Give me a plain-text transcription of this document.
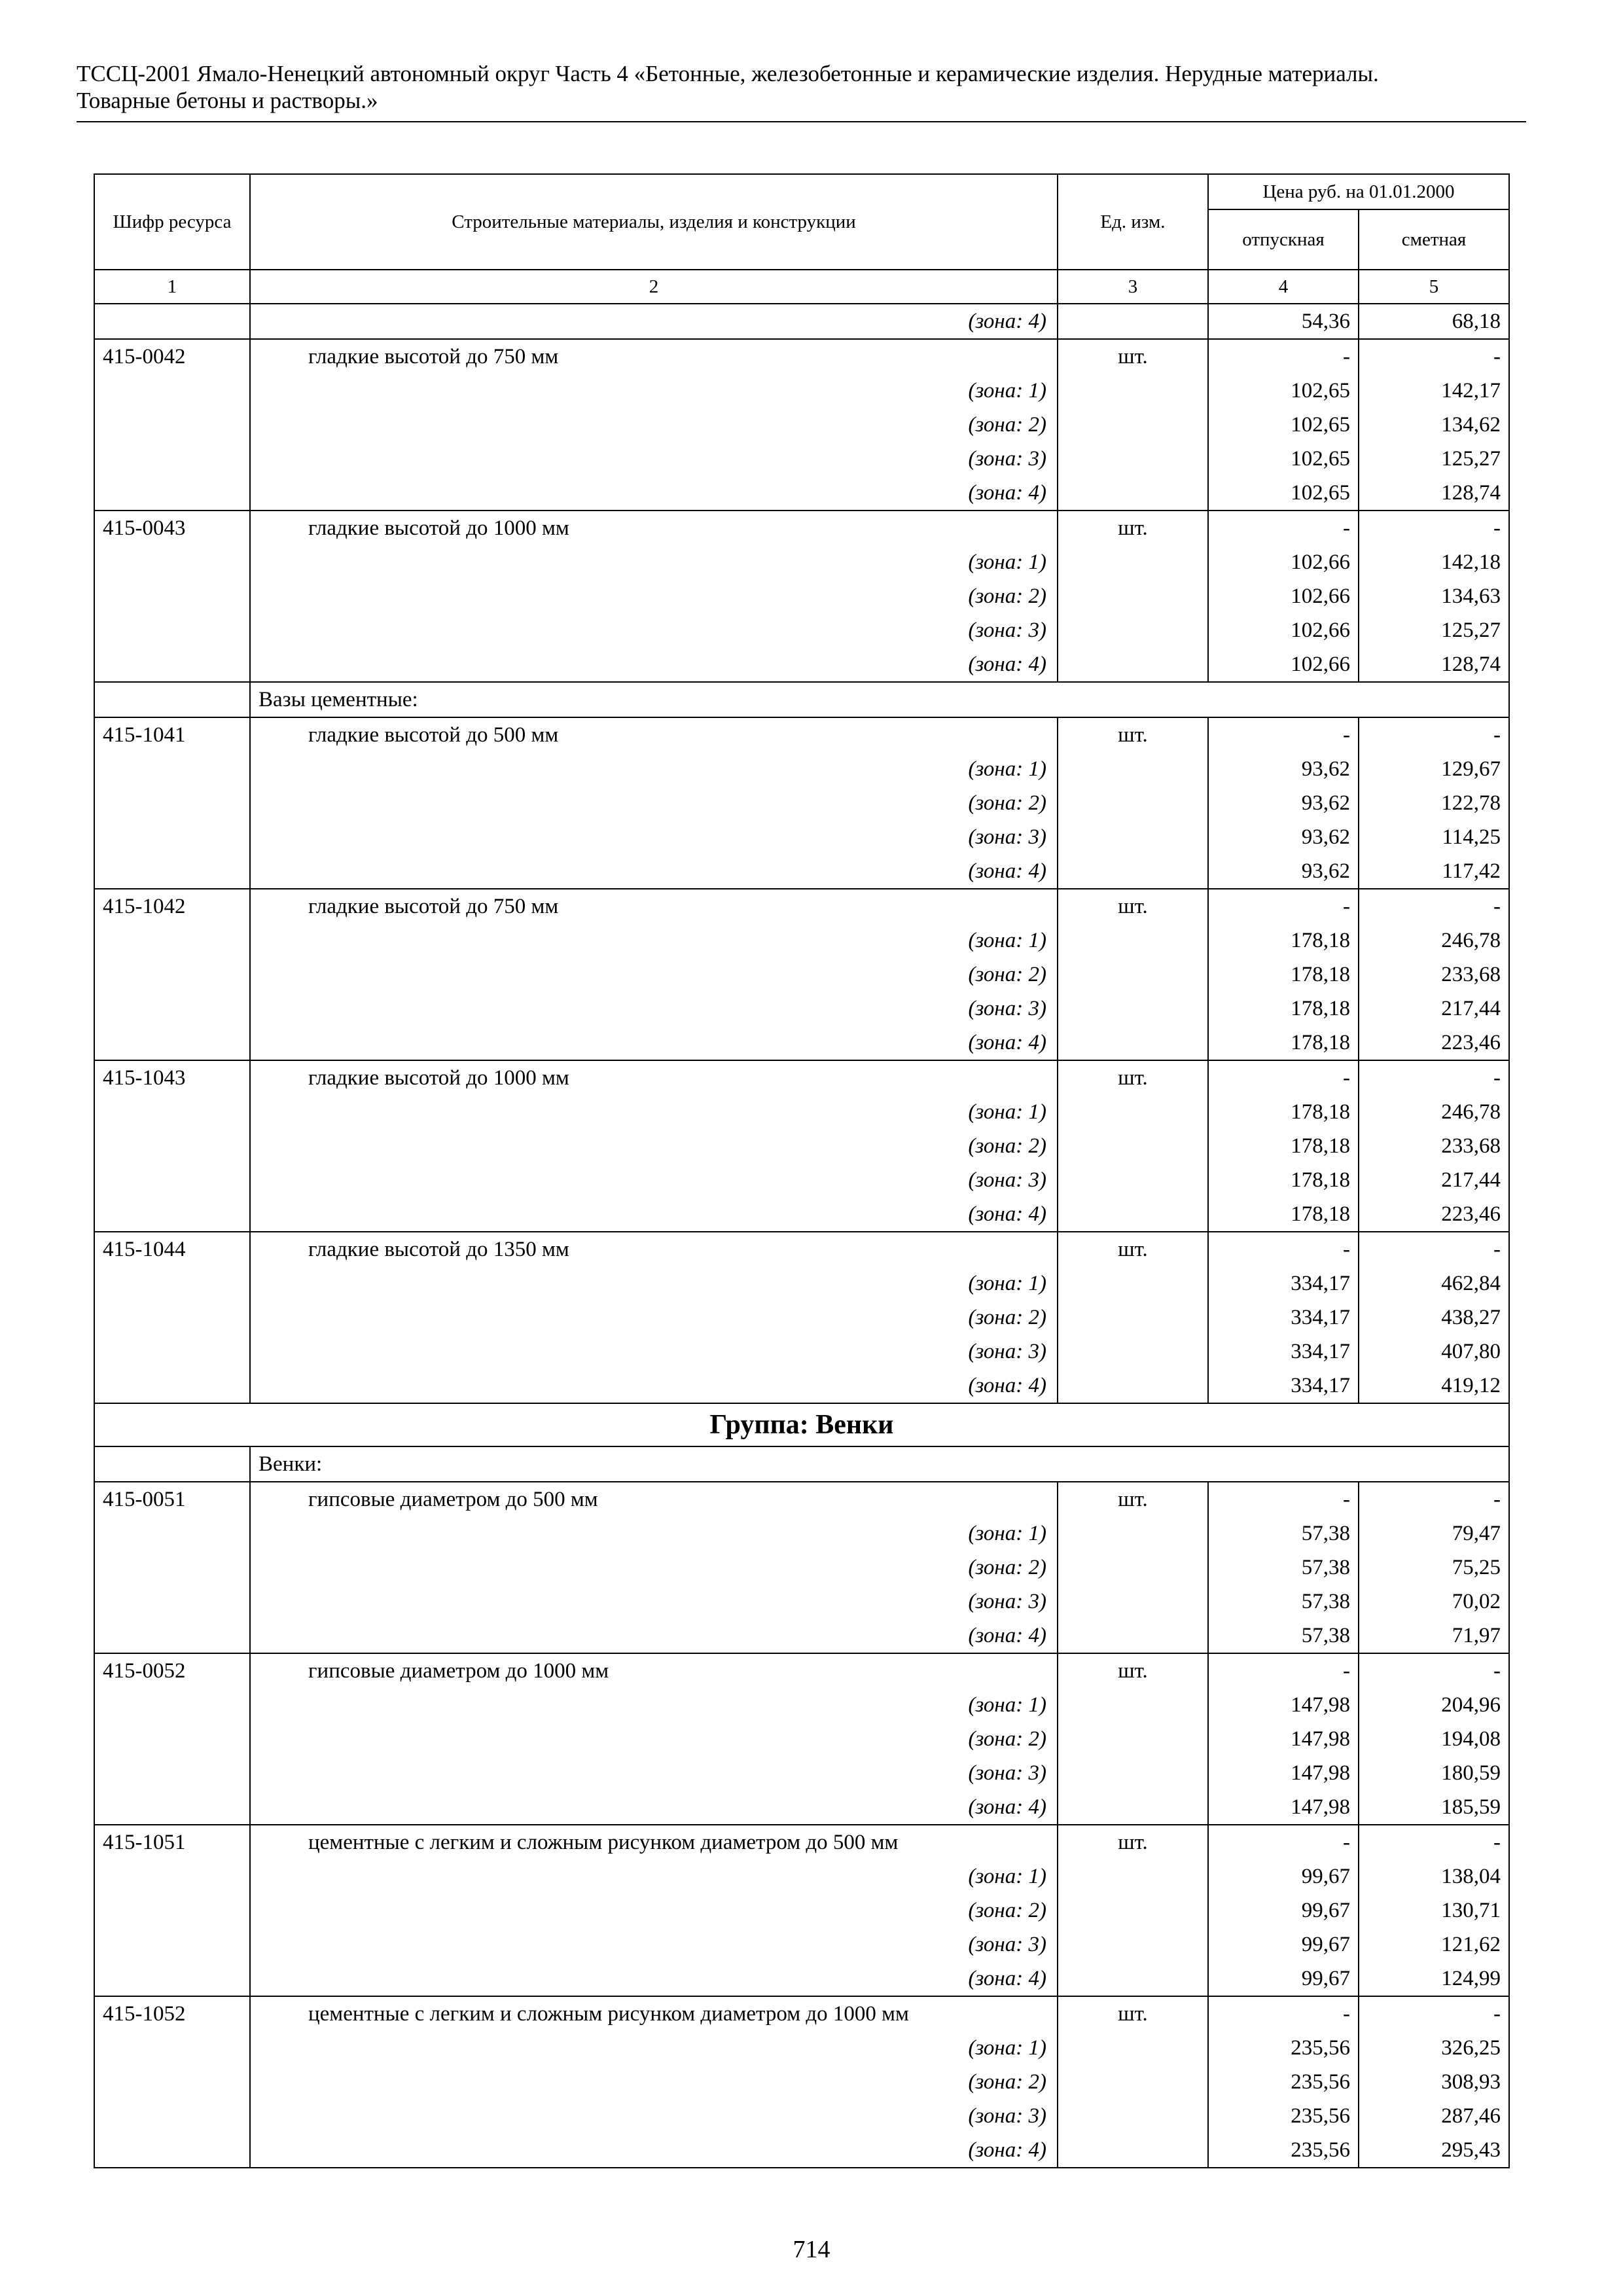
ТССЦ-2001 Ямало-Ненецкий автономный округ Часть 4 «Бетонные, железобетонные и керамические изделия. Нерудные материалы.
Товарные бетоны и растворы.»
Шифр ресурса	Строительные материалы, изделия и конструкции	Ед. изм.	Цена руб. на 01.01.2000	
			отпускная	сметная
1	2	3	4	5
	(зона: 4)		54,36	68,18
415-0042	гладкие высотой до 750 мм	шт.	-	-
	(зона: 1)		102,65	142,17
	(зона: 2)		102,65	134,62
	(зона: 3)		102,65	125,27
	(зона: 4)		102,65	128,74
415-0043	гладкие высотой до 1000 мм	шт.	-	-
	(зона: 1)		102,66	142,18
	(зона: 2)		102,66	134,63
	(зона: 3)		102,66	125,27
	(зона: 4)		102,66	128,74
	Вазы цементные:			
415-1041	гладкие высотой до 500 мм	шт.	-	-
	(зона: 1)		93,62	129,67
	(зона: 2)		93,62	122,78
	(зона: 3)		93,62	114,25
	(зона: 4)		93,62	117,42
415-1042	гладкие высотой до 750 мм	шт.	-	-
	(зона: 1)		178,18	246,78
	(зона: 2)		178,18	233,68
	(зона: 3)		178,18	217,44
	(зона: 4)		178,18	223,46
415-1043	гладкие высотой до 1000 мм	шт.	-	-
	(зона: 1)		178,18	246,78
	(зона: 2)		178,18	233,68
	(зона: 3)		178,18	217,44
	(зона: 4)		178,18	223,46
415-1044	гладкие высотой до 1350 мм	шт.	-	-
	(зона: 1)		334,17	462,84
	(зона: 2)		334,17	438,27
	(зона: 3)		334,17	407,80
	(зона: 4)		334,17	419,12
Группа: Венки				
	Венки:			
415-0051	гипсовые диаметром до 500 мм	шт.	-	-
	(зона: 1)		57,38	79,47
	(зона: 2)		57,38	75,25
	(зона: 3)		57,38	70,02
	(зона: 4)		57,38	71,97
415-0052	гипсовые диаметром до 1000 мм	шт.	-	-
	(зона: 1)		147,98	204,96
	(зона: 2)		147,98	194,08
	(зона: 3)		147,98	180,59
	(зона: 4)		147,98	185,59
415-1051	цементные с легким и сложным рисунком диаметром до 500 мм	шт.	-	-
	(зона: 1)		99,67	138,04
	(зона: 2)		99,67	130,71
	(зона: 3)		99,67	121,62
	(зона: 4)		99,67	124,99
415-1052	цементные с легким и сложным рисунком диаметром до 1000 мм	шт.	-	-
	(зона: 1)		235,56	326,25
	(зона: 2)		235,56	308,93
	(зона: 3)		235,56	287,46
	(зона: 4)		235,56	295,43
714
